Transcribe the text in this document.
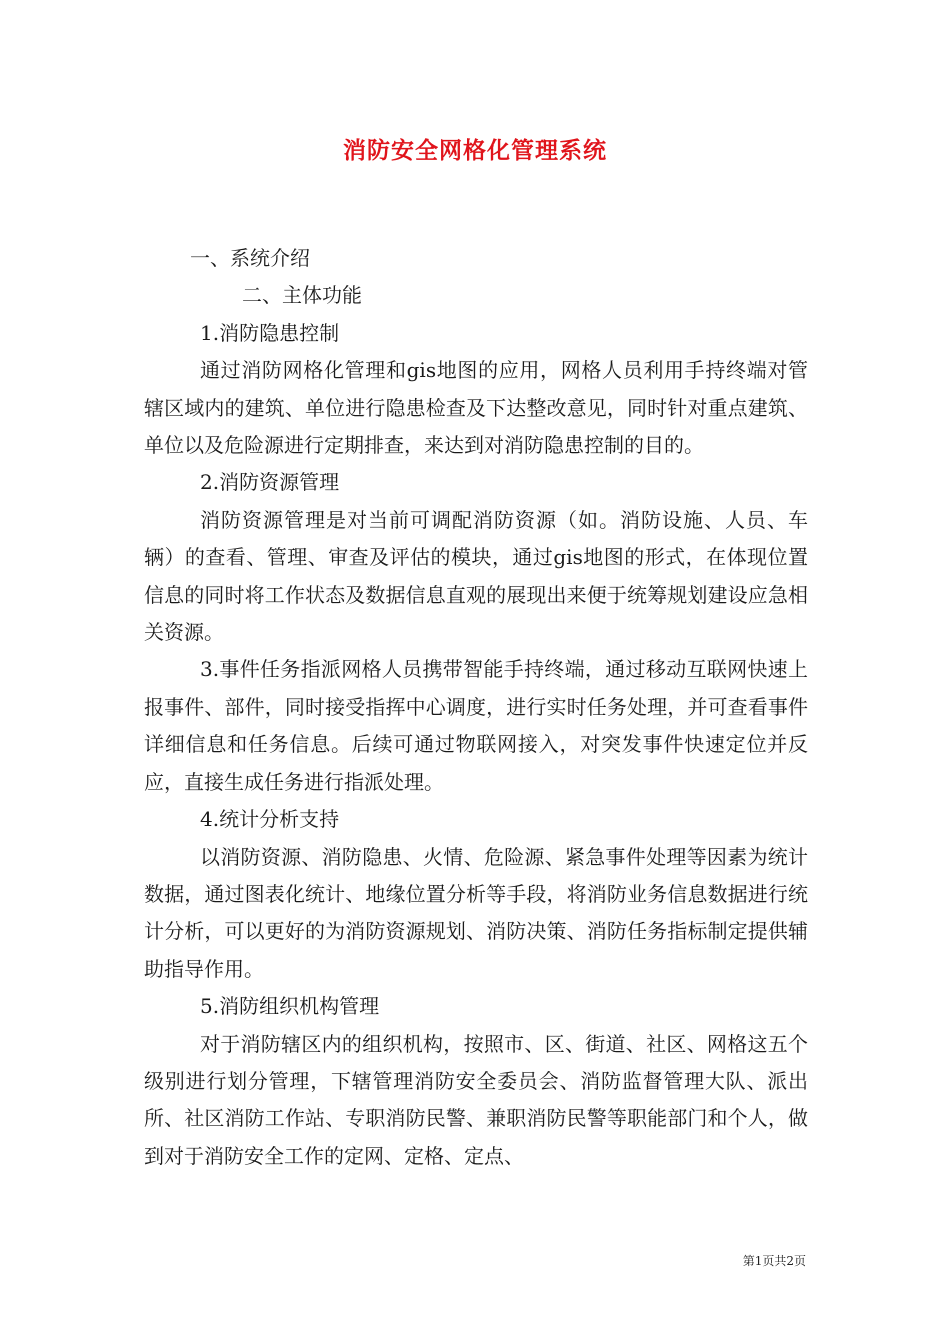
消防安全网格化管理系统

一、系统介绍

二、主体功能

1.消防隐患控制

通过消防网格化管理和gis地图的应用，网格人员利用手持终端对管辖区域内的建筑、单位进行隐患检查及下达整改意见，同时针对重点建筑、单位以及危险源进行定期排查，来达到对消防隐患控制的目的。

2.消防资源管理

消防资源管理是对当前可调配消防资源（如。消防设施、人员、车辆）的查看、管理、审查及评估的模块，通过gis地图的形式，在体现位置信息的同时将工作状态及数据信息直观的展现出来便于统筹规划建设应急相关资源。

3.事件任务指派网格人员携带智能手持终端，通过移动互联网快速上报事件、部件，同时接受指挥中心调度，进行实时任务处理，并可查看事件详细信息和任务信息。后续可通过物联网接入，对突发事件快速定位并反应，直接生成任务进行指派处理。

4.统计分析支持

以消防资源、消防隐患、火情、危险源、紧急事件处理等因素为统计数据，通过图表化统计、地缘位置分析等手段，将消防业务信息数据进行统计分析，可以更好的为消防资源规划、消防决策、消防任务指标制定提供辅助指导作用。

5.消防组织机构管理

对于消防辖区内的组织机构，按照市、区、街道、社区、网格这五个级别进行划分管理，下辖管理消防安全委员会、消防监督管理大队、派出所、社区消防工作站、专职消防民警、兼职消防民警等职能部门和个人，做到对于消防安全工作的定网、定格、定点、

第1页共2页
